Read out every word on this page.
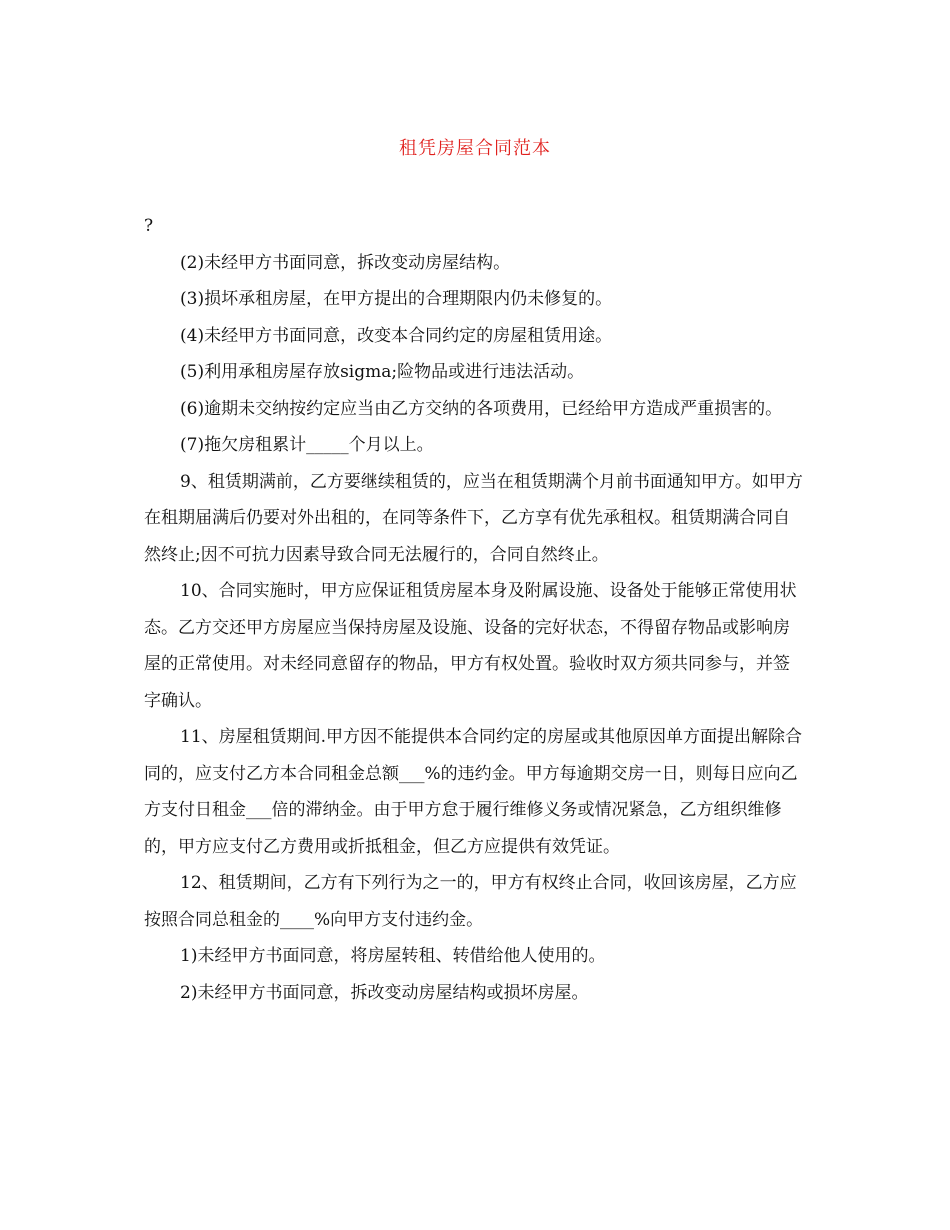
租凭房屋合同范本

?

(2)未经甲方书面同意，拆改变动房屋结构。

(3)损坏承租房屋，在甲方提出的合理期限内仍未修复的。

(4)未经甲方书面同意，改变本合同约定的房屋租赁用途。

(5)利用承租房屋存放sigma;险物品或进行违法活动。

(6)逾期未交纳按约定应当由乙方交纳的各项费用，已经给甲方造成严重损害的。

(7)拖欠房租累计_____个月以上。

9、租赁期满前，乙方要继续租赁的，应当在租赁期满个月前书面通知甲方。如甲方在租期届满后仍要对外出租的，在同等条件下，乙方享有优先承租权。租赁期满合同自然终止;因不可抗力因素导致合同无法履行的，合同自然终止。

10、合同实施时，甲方应保证租赁房屋本身及附属设施、设备处于能够正常使用状态。乙方交还甲方房屋应当保持房屋及设施、设备的完好状态，不得留存物品或影响房屋的正常使用。对未经同意留存的物品，甲方有权处置。验收时双方须共同参与，并签字确认。

11、房屋租赁期间.甲方因不能提供本合同约定的房屋或其他原因单方面提出解除合同的，应支付乙方本合同租金总额___%的违约金。甲方每逾期交房一日，则每日应向乙方支付日租金___倍的滞纳金。由于甲方怠于履行维修义务或情况紧急，乙方组织维修的，甲方应支付乙方费用或折抵租金，但乙方应提供有效凭证。

12、租赁期间，乙方有下列行为之一的，甲方有权终止合同，收回该房屋，乙方应按照合同总租金的____%向甲方支付违约金。

1)未经甲方书面同意，将房屋转租、转借给他人使用的。

2)未经甲方书面同意，拆改变动房屋结构或损坏房屋。
